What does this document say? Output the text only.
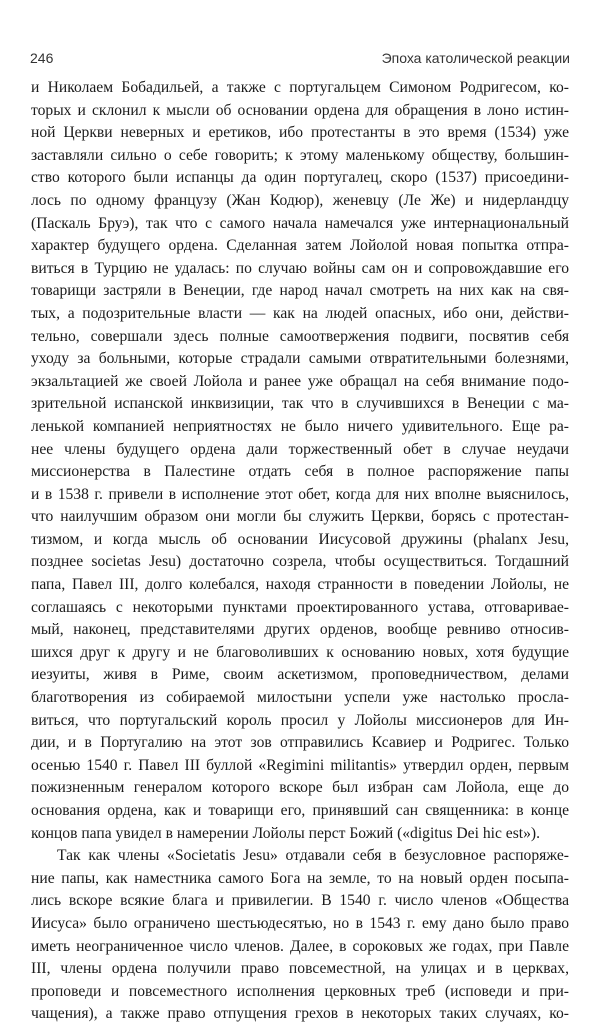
246	Эпоха католической реакции
и Николаем Бобадильей, а также с португальцем Симоном Родригесом, ко-
торых и склонил к мысли об основании ордена для обращения в лоно истин-
ной Церкви неверных и еретиков, ибо протестанты в это время (1534) уже
заставляли сильно о себе говорить; к этому маленькому обществу, большин-
ство которого были испанцы да один португалец, скоро (1537) присоедини-
лось по одному французу (Жан Кодюр), женевцу (Ле Же) и нидерландцу
(Паскаль Бруэ), так что с самого начала намечался уже интернациональный
характер будущего ордена. Сделанная затем Лойолой новая попытка отпра-
виться в Турцию не удалась: по случаю войны сам он и сопровождавшие его
товарищи застряли в Венеции, где народ начал смотреть на них как на свя-
тых, а подозрительные власти — как на людей опасных, ибо они, действи-
тельно, совершали здесь полные самоотвержения подвиги, посвятив себя
уходу за больными, которые страдали самыми отвратительными болезнями,
экзальтацией же своей Лойола и ранее уже обращал на себя внимание подо-
зрительной испанской инквизиции, так что в случившихся в Венеции с ма-
ленькой компанией неприятностях не было ничего удивительного. Еще ра-
нее члены будущего ордена дали торжественный обет в случае неудачи
миссионерства в Палестине отдать себя в полное распоряжение папы
и в 1538 г. привели в исполнение этот обет, когда для них вполне выяснилось,
что наилучшим образом они могли бы служить Церкви, борясь с протестан-
тизмом, и когда мысль об основании Иисусовой дружины (phalanx Jesu,
позднее societas Jesu) достаточно созрела, чтобы осуществиться. Тогдашний
папа, Павел III, долго колебался, находя странности в поведении Лойолы, не
соглашаясь с некоторыми пунктами проектированного устава, отговаривае-
мый, наконец, представителями других орденов, вообще ревниво относив-
шихся друг к другу и не благоволивших к основанию новых, хотя будущие
иезуиты, живя в Риме, своим аскетизмом, проповедничеством, делами
благотворения из собираемой милостыни успели уже настолько просла-
виться, что португальский король просил у Лойолы миссионеров для Ин-
дии, и в Португалию на этот зов отправились Ксавиер и Родригес. Только
осенью 1540 г. Павел III буллой «Regimini militantis» утвердил орден, первым
пожизненным генералом которого вскоре был избран сам Лойола, еще до
основания ордена, как и товарищи его, принявший сан священника: в конце
концов папа увидел в намерении Лойолы перст Божий («digitus Dei hic est»).
Так как члены «Societatis Jesu» отдавали себя в безусловное распоряже-
ние папы, как наместника самого Бога на земле, то на новый орден посыпа-
лись вскоре всякие блага и привилегии. В 1540 г. число членов «Общества
Иисуса» было ограничено шестьюдесятью, но в 1543 г. ему дано было право
иметь неограниченное число членов. Далее, в сороковых же годах, при Павле
III, члены ордена получили право повсеместной, на улицах и в церквах,
проповеди и повсеместного исполнения церковных треб (исповеди и при-
чащения), а также право отпущения грехов в некоторых таких случаях, ко-
